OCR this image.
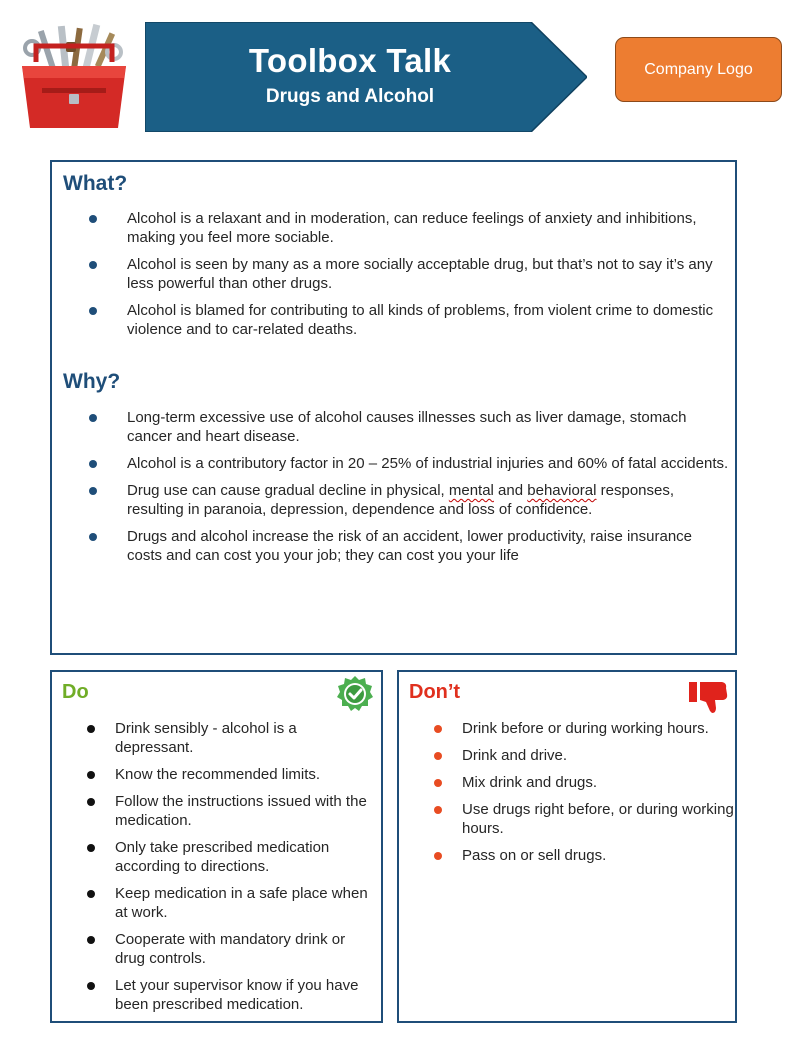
Toolbox Talk
Drugs and Alcohol
Company Logo
What?
Alcohol is a relaxant and in moderation, can reduce feelings of anxiety and inhibitions, making you feel more sociable.
Alcohol is seen by many as a more socially acceptable drug, but that’s not to say it’s any less powerful than other drugs.
Alcohol is blamed for contributing to all kinds of problems, from violent crime to domestic violence and to car-related deaths.
Why?
Long-term excessive use of alcohol causes illnesses such as liver damage, stomach cancer and heart disease.
Alcohol is a contributory factor in 20 – 25% of industrial injuries and 60% of fatal accidents.
Drug use can cause gradual decline in physical, mental and behavioral responses, resulting in paranoia, depression, dependence and loss of confidence.
Drugs and alcohol increase the risk of an accident, lower productivity, raise insurance costs and can cost you your job; they can cost you your life
Do
Drink sensibly - alcohol is a depressant.
Know the recommended limits.
Follow the instructions issued with the medication.
Only take prescribed medication according to directions.
Keep medication in a safe place when at work.
Cooperate with mandatory drink or drug controls.
Let your supervisor know if you have been prescribed medication.
Don’t
Drink before or during working hours.
Drink and drive.
Mix drink and drugs.
Use drugs right before, or during working hours.
Pass on or sell drugs.
